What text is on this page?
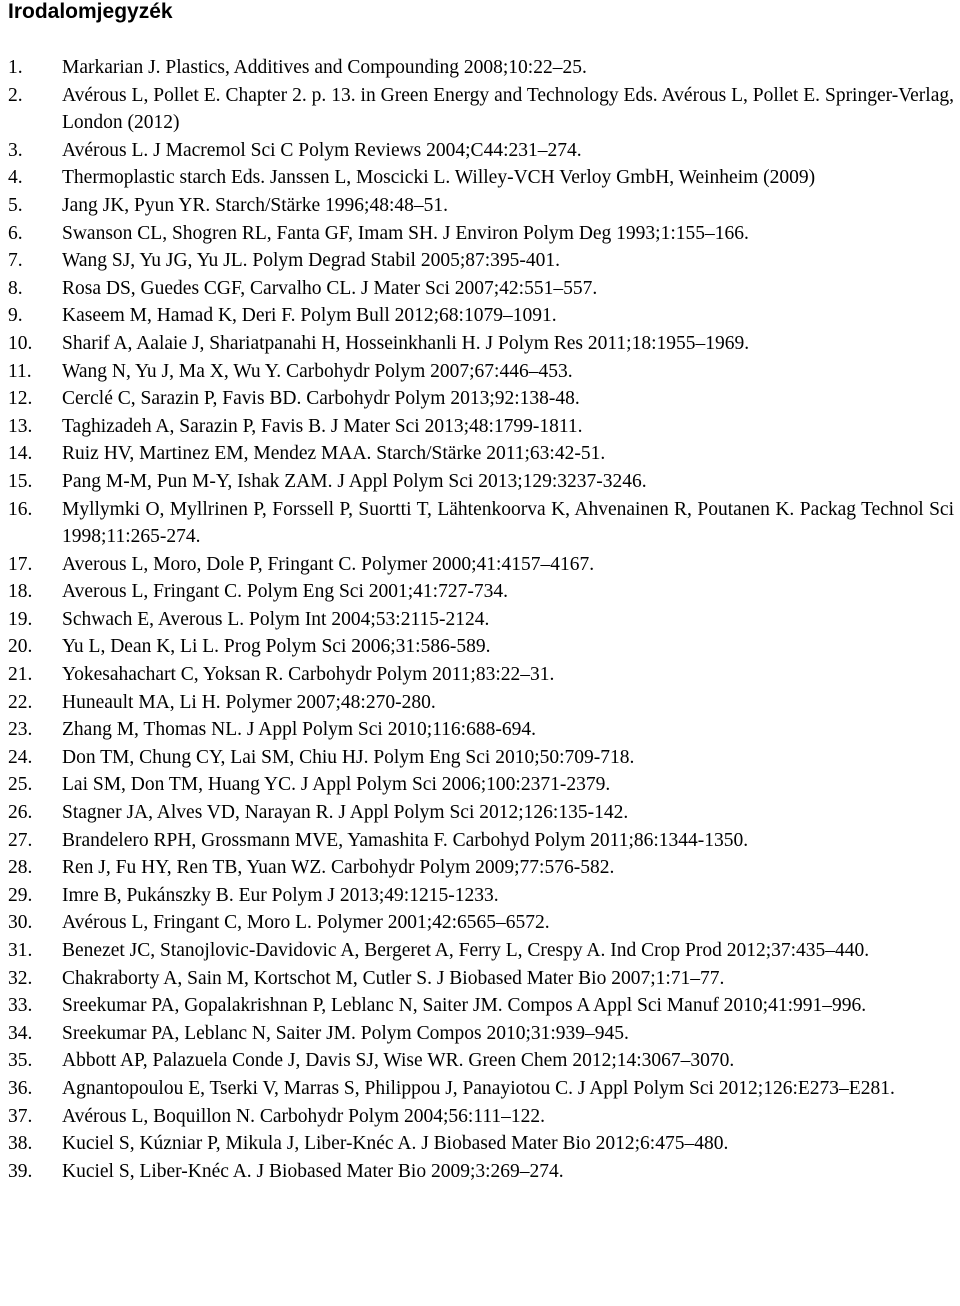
Irodalomjegyzék
1.	Markarian J. Plastics, Additives and Compounding 2008;10:22–25.
2.	Avérous L, Pollet E. Chapter 2. p. 13. in Green Energy and Technology Eds. Avérous L, Pollet E. Springer-Verlag, London (2012)
3.	Avérous L. J Macremol Sci C Polym Reviews 2004;C44:231–274.
4.	Thermoplastic starch Eds. Janssen L, Moscicki L. Willey-VCH Verloy GmbH, Weinheim (2009)
5.	Jang JK, Pyun YR. Starch/Stärke 1996;48:48–51.
6.	Swanson CL, Shogren RL, Fanta GF, Imam SH. J Environ Polym Deg 1993;1:155–166.
7.	Wang SJ, Yu JG, Yu JL. Polym Degrad Stabil 2005;87:395-401.
8.	Rosa DS, Guedes CGF, Carvalho CL. J Mater Sci 2007;42:551–557.
9.	Kaseem M, Hamad K, Deri F. Polym Bull 2012;68:1079–1091.
10.	Sharif A, Aalaie J, Shariatpanahi H, Hosseinkhanli H. J Polym Res 2011;18:1955–1969.
11.	Wang N, Yu J, Ma X, Wu Y. Carbohydr Polym 2007;67:446–453.
12.	Cerclé C, Sarazin P, Favis BD. Carbohydr Polym 2013;92:138-48.
13.	Taghizadeh A, Sarazin P, Favis B. J Mater Sci 2013;48:1799-1811.
14.	Ruiz HV, Martinez EM, Mendez MAA. Starch/Stärke 2011;63:42-51.
15.	Pang M-M, Pun M-Y, Ishak ZAM. J Appl Polym Sci 2013;129:3237-3246.
16.	Myllymki O, Myllrinen P, Forssell P, Suortti T, Lähtenkoorva K, Ahvenainen R, Poutanen K. Packag Technol Sci 1998;11:265-274.
17.	Averous L, Moro, Dole P, Fringant C. Polymer 2000;41:4157–4167.
18.	Averous L, Fringant C. Polym Eng Sci 2001;41:727-734.
19.	Schwach E, Averous L. Polym Int 2004;53:2115-2124.
20.	Yu L, Dean K, Li L. Prog Polym Sci 2006;31:586-589.
21.	Yokesahachart C, Yoksan R. Carbohydr Polym 2011;83:22–31.
22.	Huneault MA, Li H. Polymer 2007;48:270-280.
23.	Zhang M, Thomas NL. J Appl Polym Sci 2010;116:688-694.
24.	Don TM, Chung CY, Lai SM, Chiu HJ. Polym Eng Sci 2010;50:709-718.
25.	Lai SM, Don TM, Huang YC. J Appl Polym Sci 2006;100:2371-2379.
26.	Stagner JA, Alves VD, Narayan R. J Appl Polym Sci 2012;126:135-142.
27.	Brandelero RPH, Grossmann MVE, Yamashita F. Carbohyd Polym 2011;86:1344-1350.
28.	Ren J, Fu HY, Ren TB, Yuan WZ. Carbohydr Polym 2009;77:576-582.
29.	Imre B, Pukánszky B. Eur Polym J 2013;49:1215-1233.
30.	Avérous L, Fringant C, Moro L. Polymer 2001;42:6565–6572.
31.	Benezet JC, Stanojlovic-Davidovic A, Bergeret A, Ferry L, Crespy A. Ind Crop Prod 2012;37:435–440.
32.	Chakraborty A, Sain M, Kortschot M, Cutler S. J Biobased Mater Bio 2007;1:71–77.
33.	Sreekumar PA, Gopalakrishnan P, Leblanc N, Saiter JM. Compos A Appl Sci Manuf 2010;41:991–996.
34.	Sreekumar PA, Leblanc N, Saiter JM. Polym Compos 2010;31:939–945.
35.	Abbott AP, Palazuela Conde J, Davis SJ, Wise WR. Green Chem 2012;14:3067–3070.
36.	Agnantopoulou E, Tserki V, Marras S, Philippou J, Panayiotou C. J Appl Polym Sci 2012;126:E273–E281.
37.	Avérous L, Boquillon N. Carbohydr Polym 2004;56:111–122.
38.	Kuciel S, Kúzniar P, Mikula J, Liber-Knéc A. J Biobased Mater Bio 2012;6:475–480.
39.	Kuciel S, Liber-Knéc A. J Biobased Mater Bio 2009;3:269–274.
